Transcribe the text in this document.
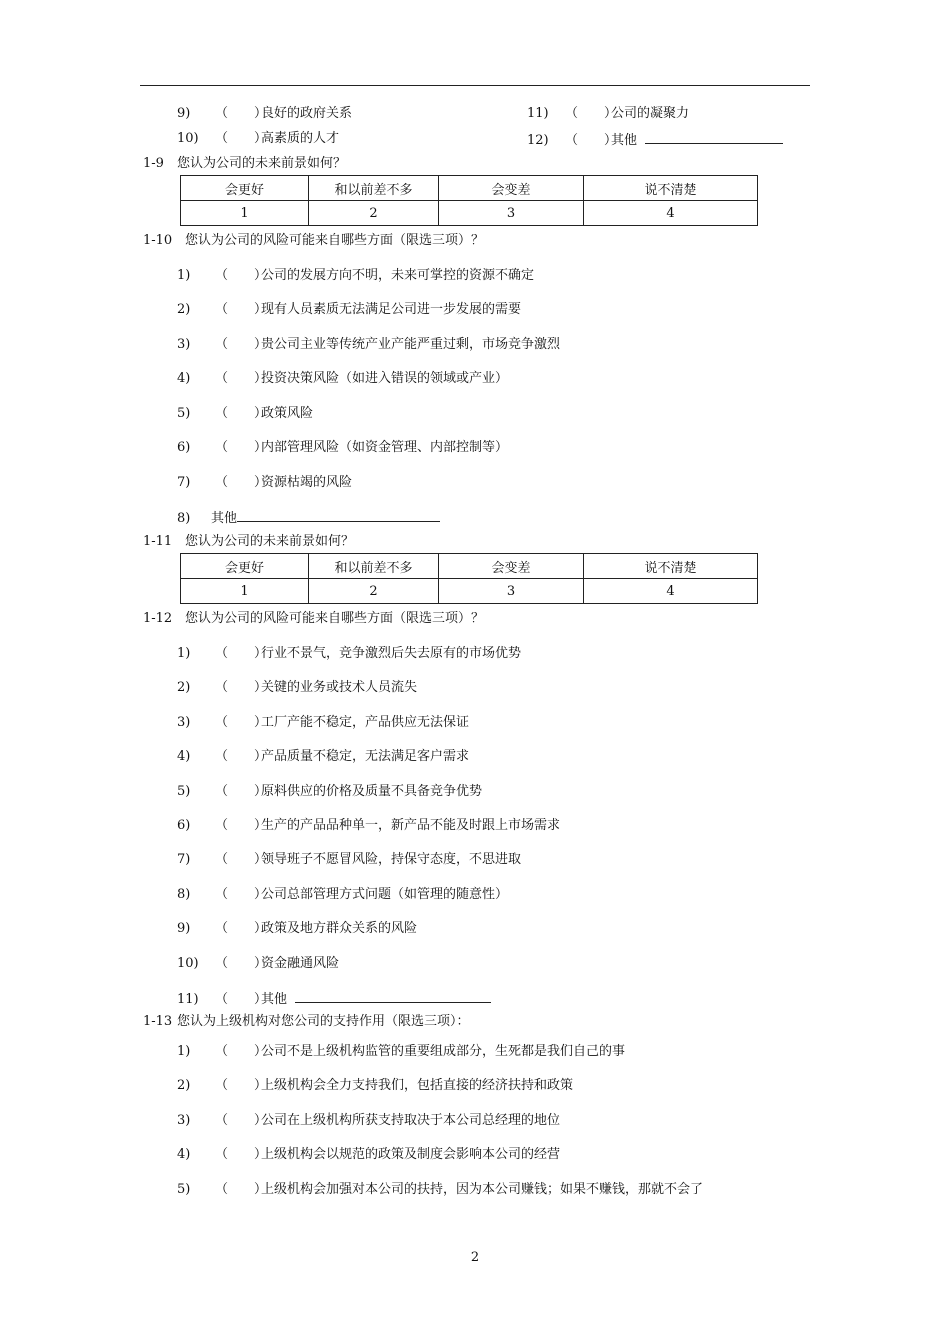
9) （　　）良好的政府关系	11) （　　）公司的凝聚力
10) （　　）高素质的人才	12) （　　）其他
1-9 您认为公司的未来前景如何？
会更好	和以前差不多	会变差	说不清楚
1	2	3	4
1-10 您认为公司的风险可能来自哪些方面（限选三项）？
1) （　　）公司的发展方向不明，未来可掌控的资源不确定
2) （　　）现有人员素质无法满足公司进一步发展的需要
3) （　　）贵公司主业等传统产业产能严重过剩，市场竞争激烈
4) （　　）投资决策风险（如进入错误的领域或产业）
5) （　　）政策风险
6) （　　）内部管理风险（如资金管理、内部控制等）
7) （　　）资源枯竭的风险
8) 其他
1-11 您认为公司的未来前景如何？
会更好	和以前差不多	会变差	说不清楚
1	2	3	4
1-12 您认为公司的风险可能来自哪些方面（限选三项）？
1) （　　）行业不景气，竞争激烈后失去原有的市场优势
2) （　　）关键的业务或技术人员流失
3) （　　）工厂产能不稳定，产品供应无法保证
4) （　　）产品质量不稳定，无法满足客户需求
5) （　　）原料供应的价格及质量不具备竞争优势
6) （　　）生产的产品品种单一，新产品不能及时跟上市场需求
7) （　　）领导班子不愿冒风险，持保守态度，不思进取
8) （　　）公司总部管理方式问题（如管理的随意性）
9) （　　）政策及地方群众关系的风险
10) （　　）资金融通风险
11) （　　）其他
1-13 您认为上级机构对您公司的支持作用（限选三项）：
1) （　　）公司不是上级机构监管的重要组成部分，生死都是我们自己的事
2) （　　）上级机构会全力支持我们，包括直接的经济扶持和政策
3) （　　）公司在上级机构所获支持取决于本公司总经理的地位
4) （　　）上级机构会以规范的政策及制度会影响本公司的经营
5) （　　）上级机构会加强对本公司的扶持，因为本公司赚钱；如果不赚钱，那就不会了
2
